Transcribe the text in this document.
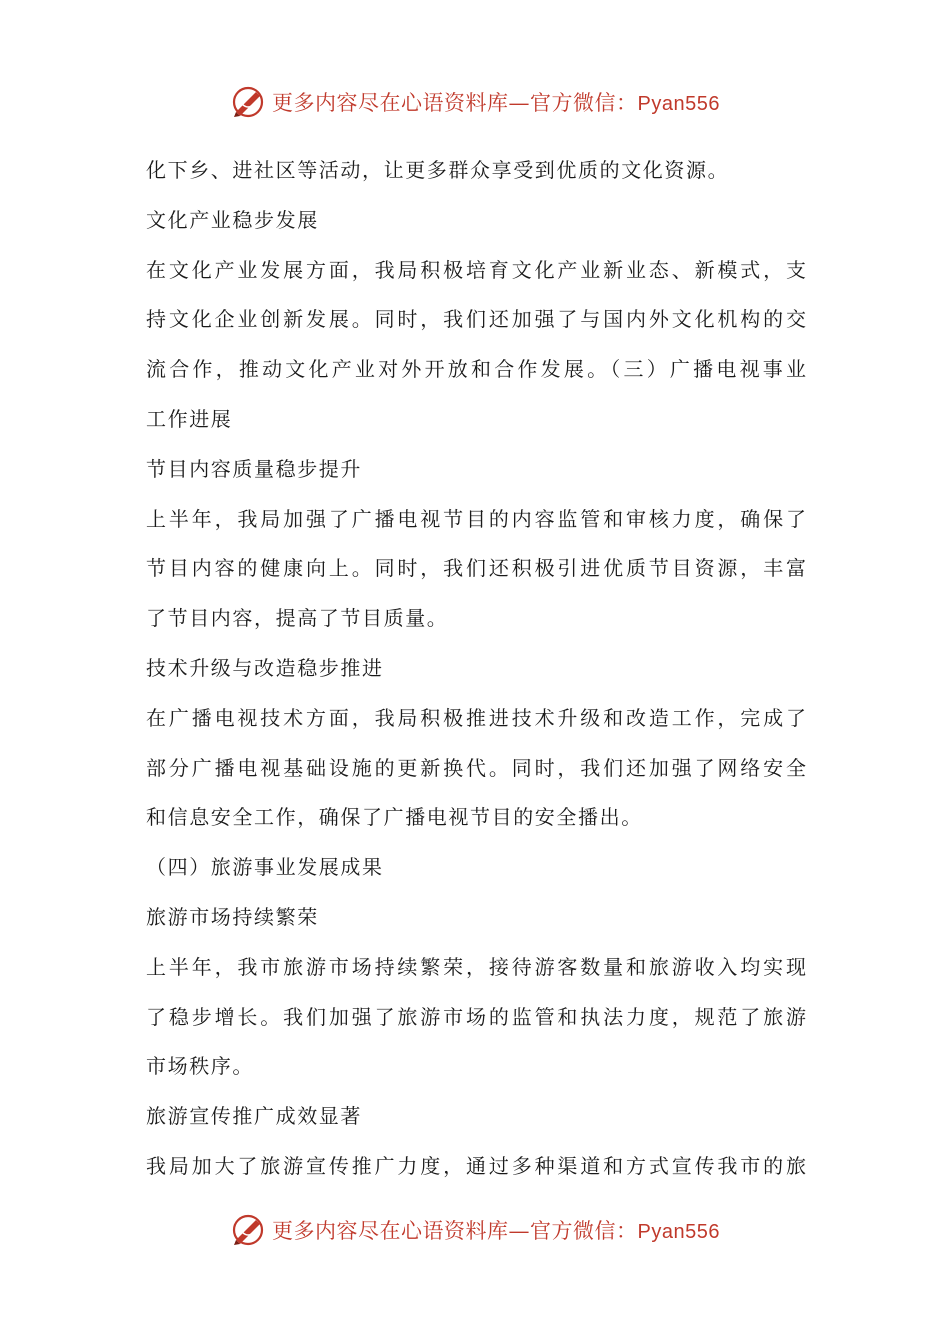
更多内容尽在心语资料库—官方微信：Pyan556
化下乡、进社区等活动，让更多群众享受到优质的文化资源。
文化产业稳步发展
在文化产业发展方面，我局积极培育文化产业新业态、新模式，支
持文化企业创新发展。同时，我们还加强了与国内外文化机构的交
流合作，推动文化产业对外开放和合作发展。（三）广播电视事业
工作进展
节目内容质量稳步提升
上半年，我局加强了广播电视节目的内容监管和审核力度，确保了
节目内容的健康向上。同时，我们还积极引进优质节目资源，丰富
了节目内容，提高了节目质量。
技术升级与改造稳步推进
在广播电视技术方面，我局积极推进技术升级和改造工作，完成了
部分广播电视基础设施的更新换代。同时，我们还加强了网络安全
和信息安全工作，确保了广播电视节目的安全播出。
（四）旅游事业发展成果
旅游市场持续繁荣
上半年，我市旅游市场持续繁荣，接待游客数量和旅游收入均实现
了稳步增长。我们加强了旅游市场的监管和执法力度，规范了旅游
市场秩序。
旅游宣传推广成效显著
我局加大了旅游宣传推广力度，通过多种渠道和方式宣传我市的旅
更多内容尽在心语资料库—官方微信：Pyan556
